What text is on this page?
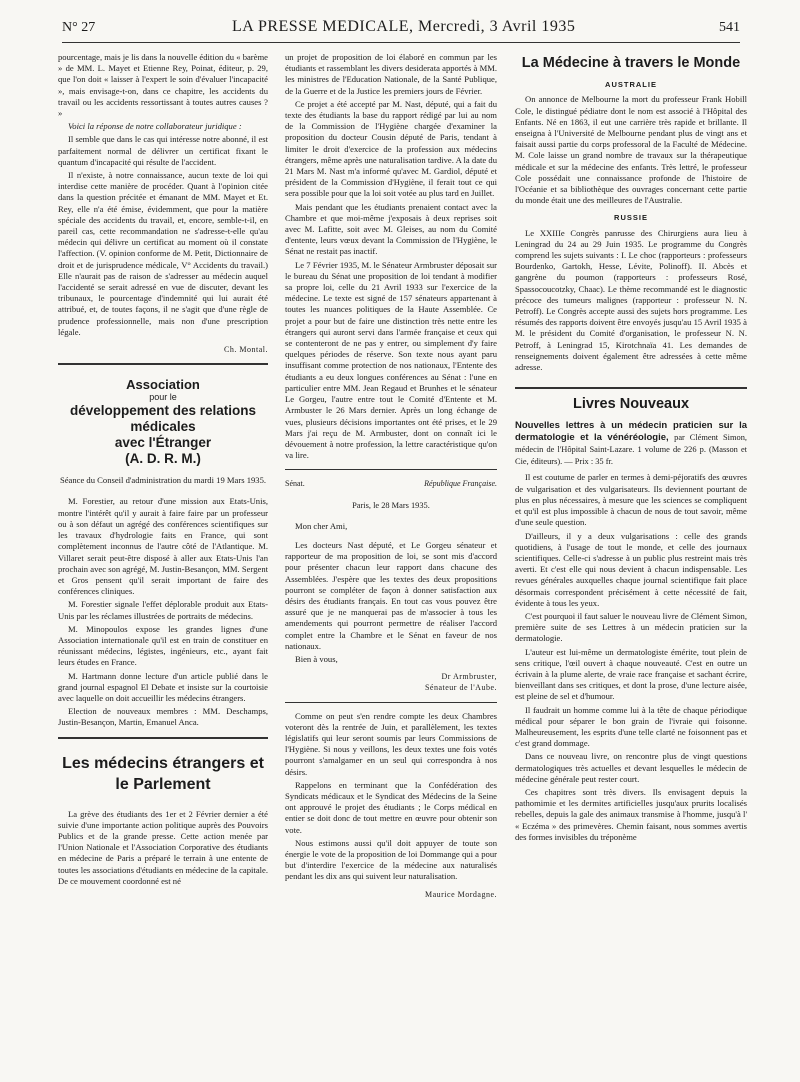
N° 27	LA PRESSE MEDICALE, Mercredi, 3 Avril 1935	541

pourcentage, mais je lis dans la nouvelle édition du « barème » de MM. L. Mayet et Etienne Rey, Poinat, éditeur, p. 29, que l'on doit « laisser à l'expert le soin d'évaluer l'incapacité », mais envisage-t-on, dans ce chapitre, les accidents du travail ou les accidents ressortissant à toutes autres causes ? »

Voici la réponse de notre collaborateur juridique :

Il semble que dans le cas qui intéresse notre abonné, il est parfaitement normal de délivrer un certificat fixant le quantum d'incapacité qui résulte de l'accident.

Il n'existe, à notre connaissance, aucun texte de loi qui interdise cette manière de procéder. Quant à l'opinion citée dans la question précitée et émanant de MM. Mayet et Et. Rey, elle n'a été émise, évidemment, que pour la matière spéciale des accidents du travail, et, encore, semble-t-il, en pareil cas, cette recommandation ne s'adresse-t-elle qu'au médecin qui délivre un certificat au moment où il constate l'affection. (V. opinion conforme de M. Petit, Dictionnaire de droit et de jurisprudence médicale, V° Accidents du travail.) Elle n'aurait pas de raison de s'adresser au médecin auquel l'accidenté se serait adressé en vue de discuter, devant les tribunaux, le pourcentage d'indemnité qui lui aurait été attribué, et, de toutes façons, il ne s'agit que d'une règle de prudence professionnelle, mais non d'une prescription légale.

Ch. Montal.
Association
pour le
développement des relations médicales
avec l'Étranger
(A. D. R. M.)

Séance du Conseil d'administration du mardi 19 Mars 1935.

M. Forestier, au retour d'une mission aux Etats-Unis, montre l'intérêt qu'il y aurait à faire faire par un professeur ou à son défaut un agrégé des conférences scientifiques sur les travaux d'hydrologie faits en France, qui sont complètement inconnus de l'autre côté de l'Atlantique. M. Villaret serait peut-être disposé à aller aux Etats-Unis l'an prochain avec son agrégé, M. Justin-Besançon, MM. Sergent et Gros pensent qu'il serait important de faire des conférences cliniques.

M. Forestier signale l'effet déplorable produit aux Etats-Unis par les réclames illustrées de portraits de médecins.

M. Minopoulos expose les grandes lignes d'une Association internationale qu'il est en train de constituer en réunissant médecins, légistes, ingénieurs, etc., ayant fait leurs études en France.

M. Hartmann donne lecture d'un article publié dans le grand journal espagnol El Debate et insiste sur la courtoisie avec laquelle on doit accueillir les médecins étrangers.

Election de nouveaux membres : MM. Deschamps, Justin-Besançon, Martin, Emanuel Anca.

Les médecins étrangers et le Parlement

La grève des étudiants des 1er et 2 Février dernier a été suivie d'une importante action politique auprès des Pouvoirs Publics et de la grande presse. Cette action menée par l'Union Nationale et l'Association Corporative des étudiants en médecine de Paris a préparé le terrain à une entente de toutes les associations d'étudiants en médecine de la capitale. De ce mouvement coordonné est né

un projet de proposition de loi élaboré en commun par les étudiants et rassemblant les divers desiderata apportés à MM. les ministres de l'Education Nationale, de la Santé Publique, de la Guerre et de la Justice les premiers jours de Février.

Ce projet a été accepté par M. Nast, député, qui a fait du texte des étudiants la base du rapport rédigé par lui au nom de la Commission de l'Hygiène chargée d'examiner la proposition du docteur Cousin député de Paris, tendant à limiter le droit d'exercice de la profession aux médecins étrangers, même après une naturalisation tardive. A la date du 21 Mars M. Nast m'a informé qu'avec M. Gardiol, député et président de la Commission d'Hygiène, il ferait tout ce qui sera possible pour que la loi soit votée au plus tard en Juillet.

Mais pendant que les étudiants prenaient contact avec la Chambre et que moi-même j'exposais à deux reprises soit avec M. Lafitte, soit avec M. Gleises, au nom du Comité d'entente, leurs vœux devant la Commission de l'Hygiène, le Sénat ne restait pas inactif.

Le 7 Février 1935, M. le Sénateur Armbruster déposait sur le bureau du Sénat une proposition de loi tendant à modifier sa propre loi, celle du 21 Avril 1933 sur l'exercice de la médecine. Le texte est signé de 157 sénateurs appartenant à toutes les nuances politiques de la Haute Assemblée. Ce projet a pour but de faire une distinction très nette entre les étrangers qui auront servi dans l'armée française et ceux qui se contenteront de ne pas y entrer, ou simplement d'y faire quelques périodes de réserve. Son texte nous ayant paru insuffisant comme protection de nos nationaux, l'Entente des étudiants a eu deux longues conférences au Sénat : l'une en particulier entre MM. Jean Regaud et Brunhes et le sénateur Le Gorgeu, l'autre entre tout le Comité d'Entente et M. Armbuster le 26 Mars dernier. Après un long échange de vues, plusieurs décisions importantes ont été prises, et le 29 Mars j'ai reçu de M. Armbuster, dont on connaît ici le dévouement à notre profession, la lettre caractéristique qu'on va lire.

Sénat.	République Française.
Paris, le 28 Mars 1935.

Mon cher Ami,

Les docteurs Nast député, et Le Gorgeu sénateur et rapporteur de ma proposition de loi, se sont mis d'accord pour présenter chacun leur rapport dans chacune des Assemblées. J'espère que les textes des deux propositions pourront se compléter de façon à donner satisfaction aux désirs des étudiants français. En tout cas vous pouvez être assuré que je ne manquerai pas de m'associer à tous les amendements qui pourront permettre de réaliser l'accord complet entre la Chambre et le Sénat en faveur de nos nationaux.

Bien à vous,

Dr Armbruster,
Sénateur de l'Aube.

Comme on peut s'en rendre compte les deux Chambres voteront dès la rentrée de Juin, et parallèlement, les textes législatifs qui leur seront soumis par leurs Commissions de l'Hygiène. Si nous y veillons, les deux textes une fois votés pourront s'amalgamer en un seul qui correspondra à nos désirs.

Rappelons en terminant que la Confédération des Syndicats médicaux et le Syndicat des Médecins de la Seine ont approuvé le projet des étudiants ; le Corps médical en entier se doit donc de tout mettre en œuvre pour obtenir son vote.

Nous estimons aussi qu'il doit appuyer de toute son énergie le vote de la proposition de loi Dommange qui a pour but d'interdire l'exercice de la médecine aux naturalisés pendant les dix ans qui suivent leur naturalisation.

Maurice Mordagne.
La Médecine à travers le Monde
AUSTRALIE

On annonce de Melbourne la mort du professeur Frank Hobill Cole, le distingué pédiatre dont le nom est associé à l'Hôpital des Enfants. Né en 1863, il eut une carrière très rapide et brillante. Il enseigna à l'Université de Melbourne pendant plus de vingt ans et faisait aussi partie du corps professoral de la Faculté de Médecine. M. Cole laisse un grand nombre de travaux sur la thérapeutique médicale et sur la médecine des enfants. Très lettré, le professeur Cole possédait une connaissance profonde de l'histoire de l'Océanie et sa bibliothèque des ouvrages concernant cette partie du monde était une des meilleures de l'Australie.

RUSSIE

Le XXIIIe Congrès panrusse des Chirurgiens aura lieu à Leningrad du 24 au 29 Juin 1935. Le programme du Congrès comprend les sujets suivants : I. Le choc (rapporteurs : professeurs Bourdenko, Gartokh, Hesse, Lévite, Polinoff). II. Abcès et gangrène du poumon (rapporteurs : professeurs Rosé, Spassocoucotzky, Chaac). Le thème recommandé est le diagnostic précoce des tumeurs malignes (rapporteur : professeur N. N. Petroff). Le Congrès accepte aussi des sujets hors programme. Les résumés des rapports doivent être envoyés jusqu'au 15 Avril 1935 à M. le président du Comité d'organisation, le professeur N. N. Petroff, à Leningrad 15, Kirotchnaïa 41. Les demandes de renseignements doivent également être adressées à cette même adresse.

Livres Nouveaux
Nouvelles lettres à un médecin praticien sur la dermatologie et la vénéréologie, par Clément Simon, médecin de l'Hôpital Saint-Lazare. 1 volume de 226 p. (Masson et Cie, éditeurs). — Prix : 35 fr.

Il est coutume de parler en termes à demi-péjoratifs des œuvres de vulgarisation et des vulgarisateurs. Ils deviennent pourtant de plus en plus nécessaires, à mesure que les sciences se compliquent et qu'il est plus impossible à chacun de nous de tout savoir, même d'une seule question.

D'ailleurs, il y a deux vulgarisations : celle des grands quotidiens, à l'usage de tout le monde, et celle des journaux scientifiques. Celle-ci s'adresse à un public plus restreint mais très averti. Et c'est elle qui nous devient à chacun indispensable. Les revues générales auxquelles chaque journal scientifique fait place désormais correspondent précisément à cette nécessité de fait, évidente à tous les yeux.

C'est pourquoi il faut saluer le nouveau livre de Clément Simon, première suite de ses Lettres à un médecin praticien sur la dermatologie.

L'auteur est lui-même un dermatologiste émérite, tout plein de sens critique, l'œil ouvert à chaque nouveauté. C'est en outre un écrivain à la plume alerte, de vraie race française et sachant écrire, bienveillant dans ses critiques, et dont la prose, d'une lecture aisée, est pleine de sel et d'humour.

Il faudrait un homme comme lui à la tête de chaque périodique médical pour séparer le bon grain de l'ivraie qui foisonne. Malheureusement, les esprits d'une telle clarté ne foisonnent pas et c'est grand dommage.

Dans ce nouveau livre, on rencontre plus de vingt questions dermatologiques très actuelles et devant lesquelles le médecin de médecine générale peut rester court.

Ces chapitres sont très divers. Ils envisagent depuis la pathomimie et les dermites artificielles jusqu'aux prurits localisés rebelles, depuis la gale des animaux transmise à l'homme, jusqu'à l' « Eczéma » des primevères. Chemin faisant, nous sommes avertis des formes invisibles du tréponème
